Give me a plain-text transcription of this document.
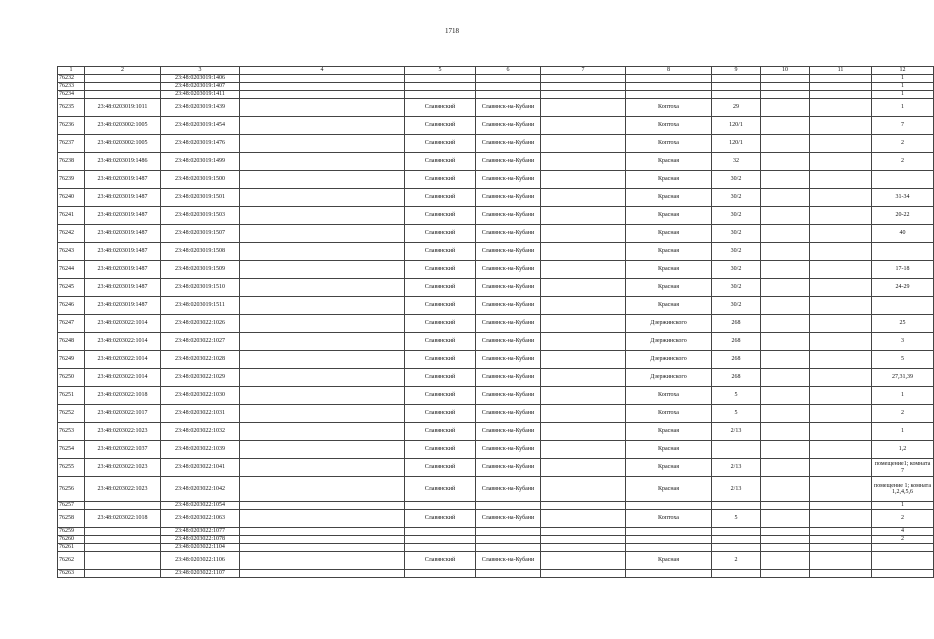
1718
1	2	3	4	5	6	7	8	9	10	11	12
76232		23:48:0203019:1406									1
76233		23:48:0203019:1407									1
76234		23:48:0203019:1411									1
76235	23:48:0203019:1011	23:48:0203019:1439		Славянский	Славянск-на-Кубани		Коптоха	29			1
76236	23:48:0203002:1005	23:48:0203019:1454		Славянский	Славянск-на-Кубани		Коптоха	120/1			7
76237	23:48:0203002:1005	23:48:0203019:1476		Славянский	Славянск-на-Кубани		Коптоха	120/1			2
76238	23:48:0203019:1486	23:48:0203019:1499		Славянский	Славянск-на-Кубани		Красная	32			2
76239	23:48:0203019:1487	23:48:0203019:1500		Славянский	Славянск-на-Кубани		Красная	30/2			
76240	23:48:0203019:1487	23:48:0203019:1501		Славянский	Славянск-на-Кубани		Красная	30/2			31-34
76241	23:48:0203019:1487	23:48:0203019:1503		Славянский	Славянск-на-Кубани		Красная	30/2			20-22
76242	23:48:0203019:1487	23:48:0203019:1507		Славянский	Славянск-на-Кубани		Красная	30/2			40
76243	23:48:0203019:1487	23:48:0203019:1508		Славянский	Славянск-на-Кубани		Красная	30/2			
76244	23:48:0203019:1487	23:48:0203019:1509		Славянский	Славянск-на-Кубани		Красная	30/2			17-18
76245	23:48:0203019:1487	23:48:0203019:1510		Славянский	Славянск-на-Кубани		Красная	30/2			24-29
76246	23:48:0203019:1487	23:48:0203019:1511		Славянский	Славянск-на-Кубани		Красная	30/2			
76247	23:48:0203022:1014	23:48:0203022:1026		Славянский	Славянск-на-Кубани		Дзержинского	268			25
76248	23:48:0203022:1014	23:48:0203022:1027		Славянский	Славянск-на-Кубани		Дзержинского	268			3
76249	23:48:0203022:1014	23:48:0203022:1028		Славянский	Славянск-на-Кубани		Дзержинского	268			5
76250	23:48:0203022:1014	23:48:0203022:1029		Славянский	Славянск-на-Кубани		Дзержинского	268			27,31,39
76251	23:48:0203022:1018	23:48:0203022:1030		Славянский	Славянск-на-Кубани		Коптоха	5			1
76252	23:48:0203022:1017	23:48:0203022:1031		Славянский	Славянск-на-Кубани		Коптоха	5			2
76253	23:48:0203022:1023	23:48:0203022:1032		Славянский	Славянск-на-Кубани		Красная	2/13			1
76254	23:48:0203022:1037	23:48:0203022:1039		Славянский	Славянск-на-Кубани		Красная				1,2
76255	23:48:0203022:1023	23:48:0203022:1041		Славянский	Славянск-на-Кубани		Красная	2/13			помещение1; комната 7
76256	23:48:0203022:1023	23:48:0203022:1042		Славянский	Славянск-на-Кубани		Красная	2/13			помещение 1; комната 1,2,4,5,6
76257		23:48:0203022:1054									1
76258	23:48:0203022:1018	23:48:0203022:1063		Славянский	Славянск-на-Кубани		Коптоха	5			2
76259		23:48:0203022:1077									4
76260		23:48:0203022:1078									2
76261		23:48:0203022:1104									
76262		23:48:0203022:1106		Славянский	Славянск-на-Кубани		Красная	2			
76263		23:48:0203022:1107									
